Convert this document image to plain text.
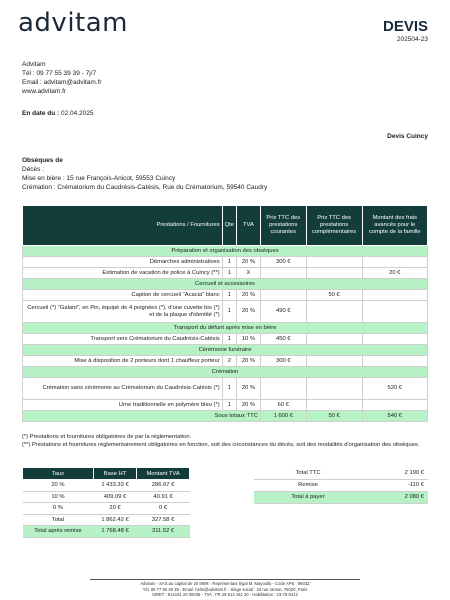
advitam	DEVIS
202504-23
Advitam
Tél : 09 77 55 39 39 - 7j/7
Email : advitam@advitam.fr
www.advitam.fr
En date du : 02.04.2025
Devis Cuincy
Obsèques de
Décès :
Mise en bière : 15 rue François-Anicot, 59553 Cuincy
Crémation : Crématorium du Caudrésis-Catésis, Rue du Crématorium, 59540 Caudry
Prestations / Fournitures	Qte	TVA	Prix TTC des prestations courantes	Prix TTC des prestations complémentaires	Montant des frais avancés pour le compte de la famille
Préparation et organisation des obsèques					
Démarches administratives	1	20 %	300 €		
Estimation de vacation de police à Cuincy (**)	1	X			20 €
Cercueil et accessoires					
Capiton de cercueil "Acacia" blanc	1	20 %		50 €	
Cercueil (*) "Galant", en Pin, équipé de 4 poignées (*), d'une cuvette bio (*) et de la plaque d'identité (*)	1	20 %	490 €		
Transport du défunt après mise en bière					
Transport vers Crématorium du Caudrésis-Catésis	1	10 %	450 €		
Cérémonie funéraire					
Mise à disposition de 2 porteurs dont 1 chauffeur porteur	2	20 %	300 €		
Crémation					
Crémation sans cérémonie au Crématorium du Caudrésis-Catésis (*)	1	20 %			520 €
Urne traditionnelle en polymère bleu (*)	1	20 %	60 €		
Sous totaux TTC			1 600 €	50 €	540 €
(*) Prestations et fournitures obligatoires de par la réglementation.
(**) Prestations et fournitures réglementairement obligatoires en fonction, soit des circonstances du décès, soit des modalités d'organisation des obsèques.
Taux	Base HT	Montant TVA
20 %	1 433.33 €	286.67 €
10 %	409.09 €	40.91 €
0 %	20 €	0 €
Total	1 862.42 €	327.58 €
Total après remise	1 768.48 €	311.52 €
Total TTC	2 190 €
Remise	-110 €
Total à payer	2 080 €
Advitam - SAS au capital de 20 880€ - Représentant légal M. Mayoulla - Code APE : 9603Z
Tél. 09 77 55 39 39 - Email. hello@advitam.fr - Siège social : 23 rue ramon, 75020, Paris
SIRET : 814161 20 00035 - TVA : FR 28 814 161 20 - Habilitation : 23-75-0412
